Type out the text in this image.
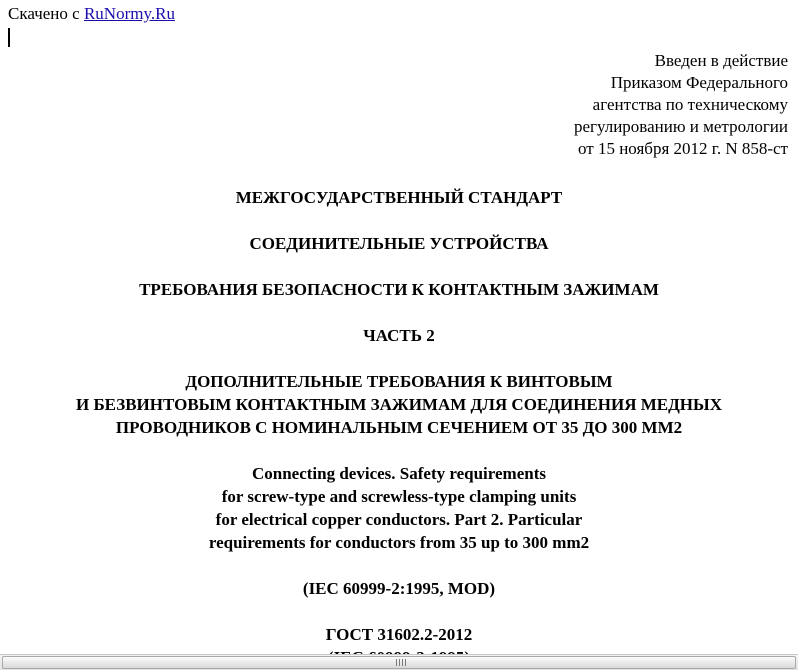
Скачено с RuNormy.Ru
Введен в действие
Приказом Федерального
агентства по техническому
регулированию и метрологии
от 15 ноября 2012 г. N 858-ст
МЕЖГОСУДАРСТВЕННЫЙ СТАНДАРТ
СОЕДИНИТЕЛЬНЫЕ УСТРОЙСТВА
ТРЕБОВАНИЯ БЕЗОПАСНОСТИ К КОНТАКТНЫМ ЗАЖИМАМ
ЧАСТЬ 2
ДОПОЛНИТЕЛЬНЫЕ ТРЕБОВАНИЯ К ВИНТОВЫМ
И БЕЗВИНТОВЫМ КОНТАКТНЫМ ЗАЖИМАМ ДЛЯ СОЕДИНЕНИЯ МЕДНЫХ
ПРОВОДНИКОВ С НОМИНАЛЬНЫМ СЕЧЕНИЕМ ОТ 35 ДО 300 ММ2
Connecting devices. Safety requirements
for screw-type and screwless-type clamping units
for electrical copper conductors. Part 2. Particular
requirements for conductors from 35 up to 300 mm2
(IEC 60999-2:1995, MOD)
ГОСТ 31602.2-2012
